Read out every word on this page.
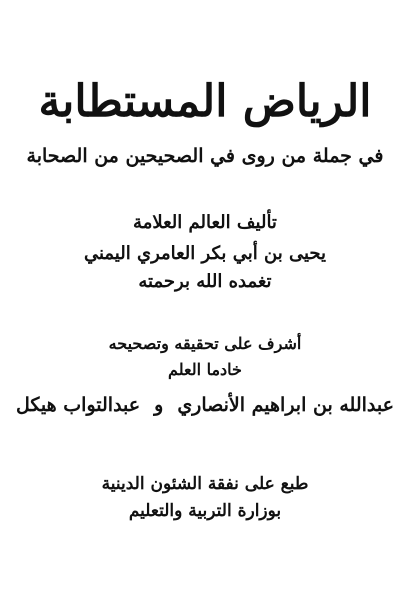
الرياض المستطابة
في جملة من روى في الصحيحين من الصحابة
تأليف العالم العلامة
يحيى بن أبي بكر العامري اليمني
تغمده الله برحمته
أشرف على تحقيقه وتصحيحه
خادما العلم
عبدالله بن ابراهيم الأنصاري
و
عبدالتواب هيكل
طبع على نفقة الشئون الدينية
بوزارة التربية والتعليم
